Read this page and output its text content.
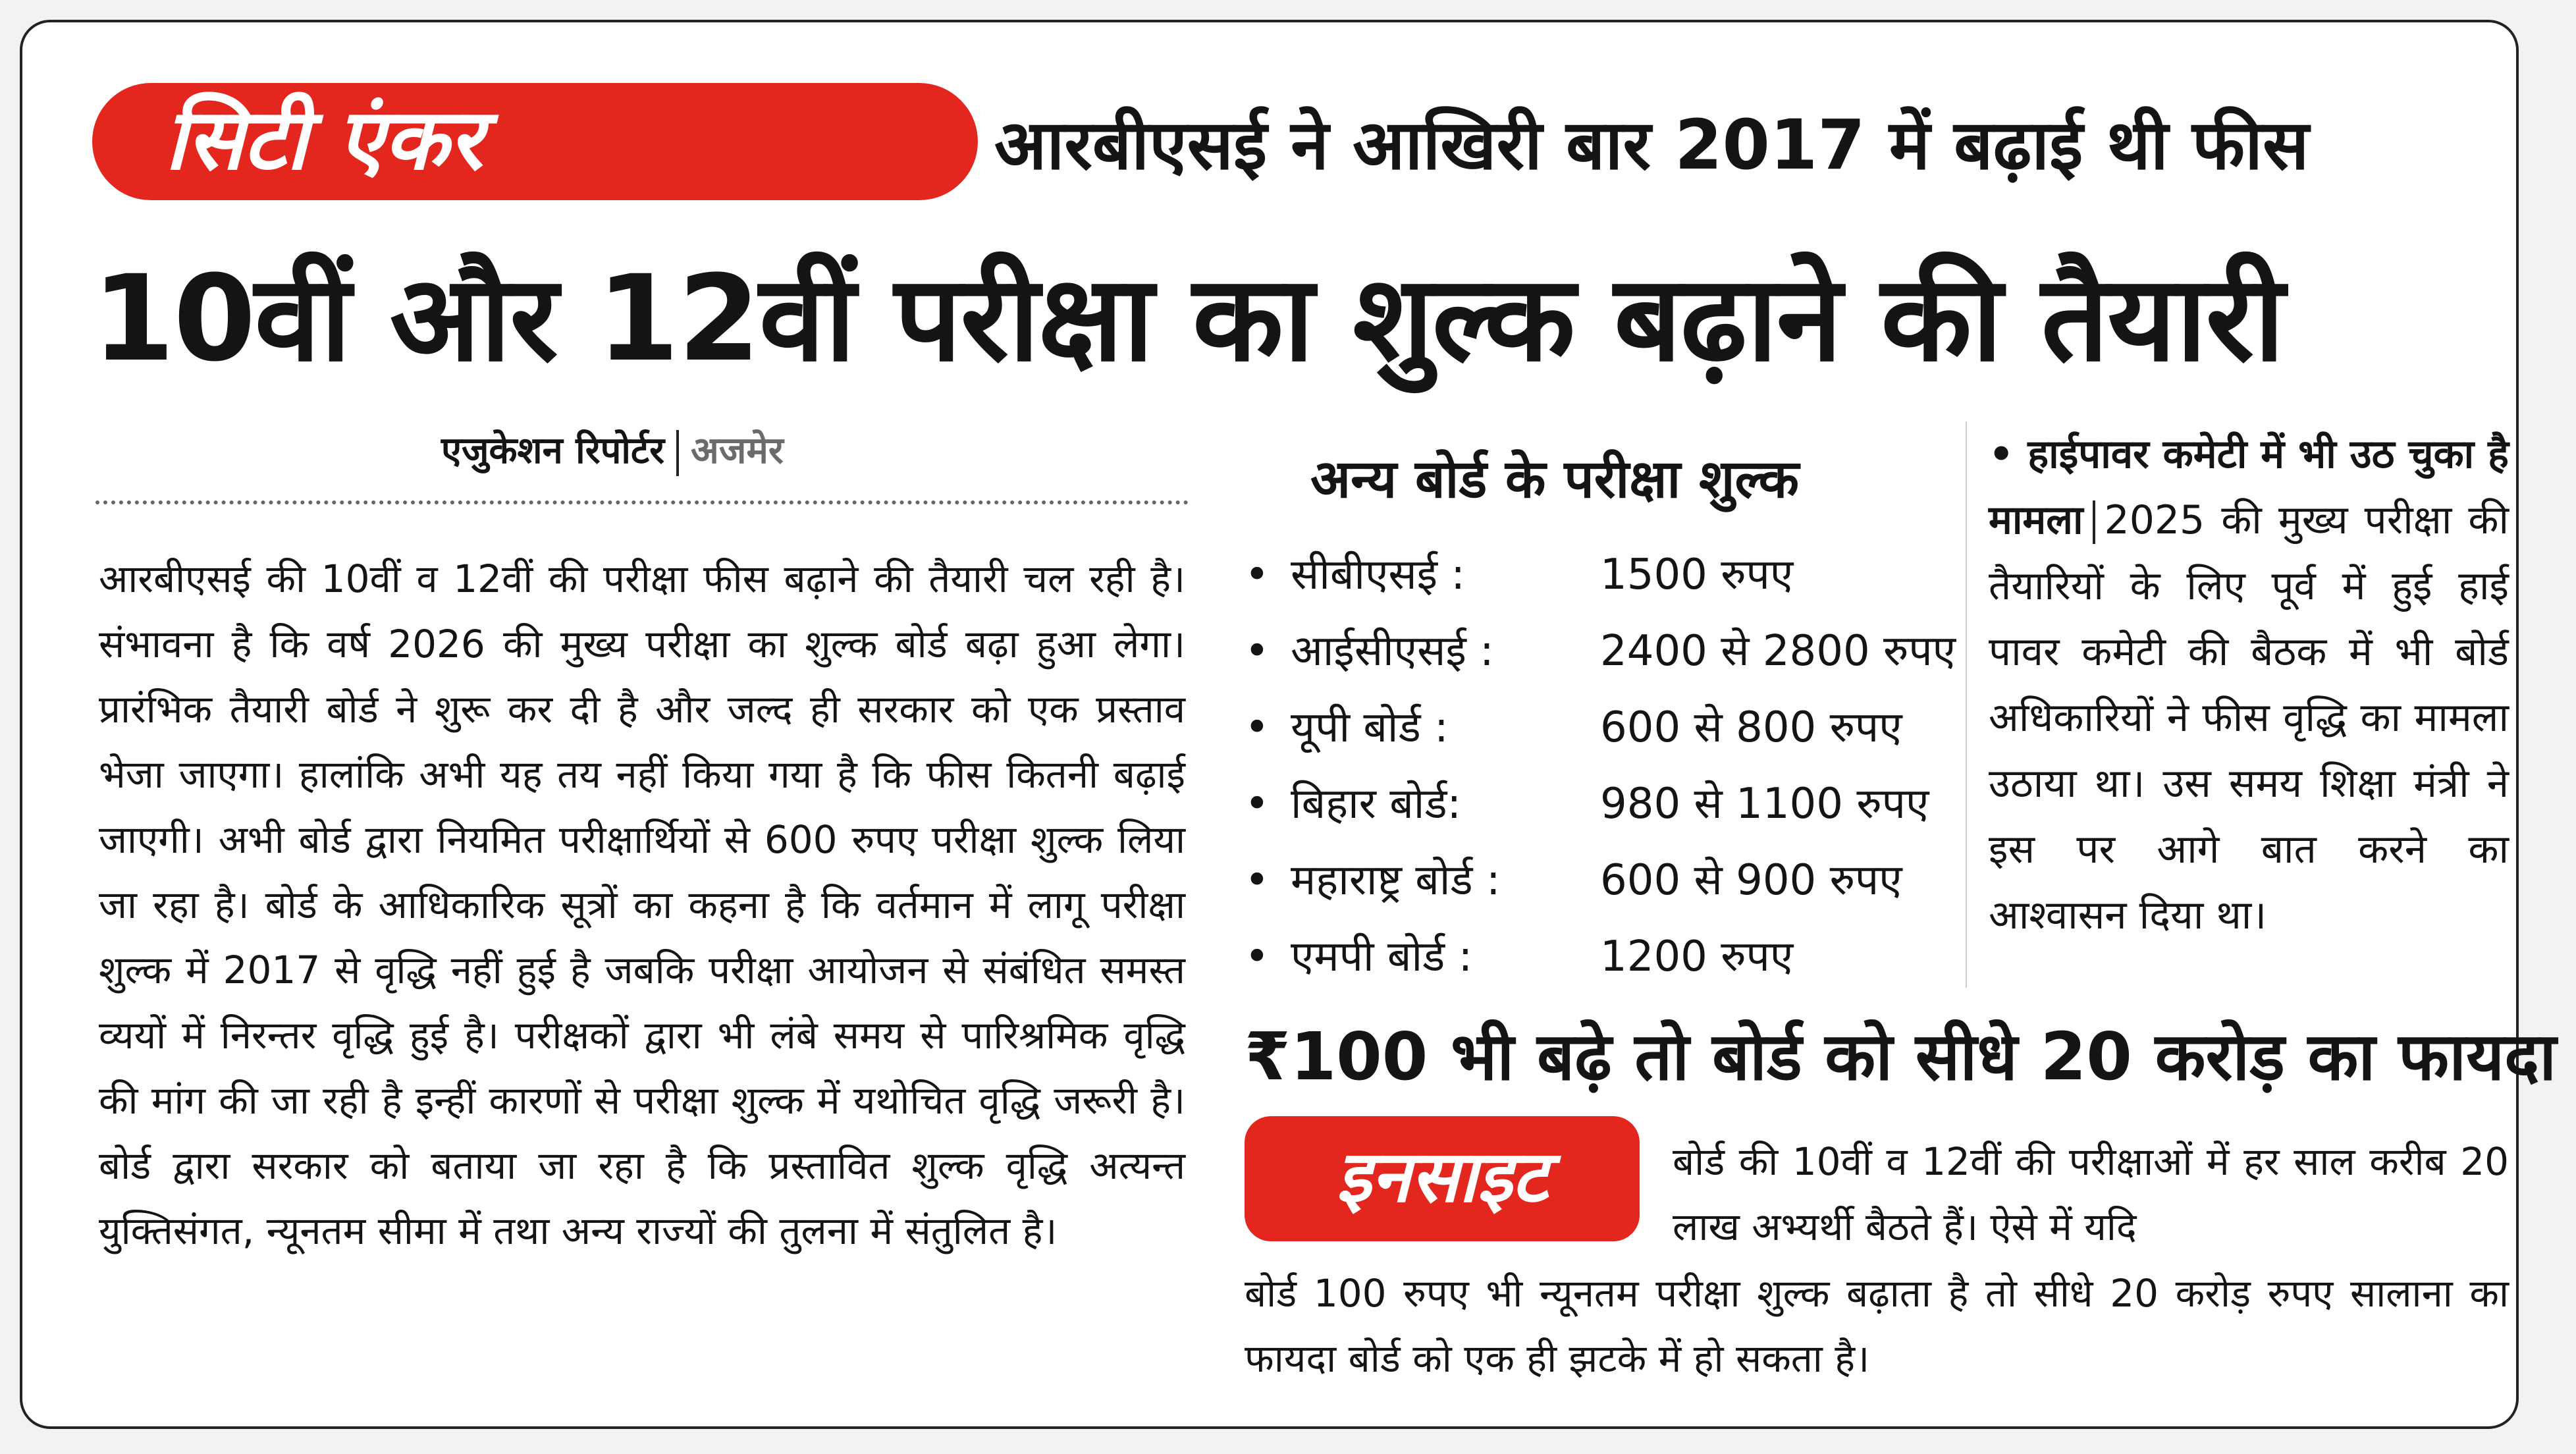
सिटी एंकर	आरबीएसई ने आखिरी बार 2017 में बढ़ाई थी फीस
10वीं और 12वीं परीक्षा का शुल्क बढ़ाने की तैयारी
एजुकेशन रिपोर्टर अजमेर
आरबीएसई की 10वीं व 12वीं की परीक्षा फीस बढ़ाने की तैयारी चल रही है। संभावना है कि वर्ष 2026 की मुख्य परीक्षा का शुल्क बोर्ड बढ़ा हुआ लेगा। प्रारंभिक तैयारी बोर्ड ने शुरू कर दी है और जल्द ही सरकार को एक प्रस्ताव भेजा जाएगा। हालांकि अभी यह तय नहीं किया गया है कि फीस कितनी बढ़ाई जाएगी। अभी बोर्ड द्वारा नियमित परीक्षार्थियों से 600 रुपए परीक्षा शुल्क लिया जा रहा है। बोर्ड के आधिकारिक सूत्रों का कहना है कि वर्तमान में लागू परीक्षा शुल्क में 2017 से वृद्धि नहीं हुई है जबकि परीक्षा आयोजन से संबंधित समस्त व्ययों में निरन्तर वृद्धि हुई है। परीक्षकों द्वारा भी लंबे समय से पारिश्रमिक वृद्धि की मांग की जा रही है इन्हीं कारणों से परीक्षा शुल्क में यथोचित वृद्धि जरूरी है। बोर्ड द्वारा सरकार को बताया जा रहा है कि प्रस्तावित शुल्क वृद्धि अत्यन्त युक्तिसंगत, न्यूनतम सीमा में तथा अन्य राज्यों की तुलना में संतुलित है।
अन्य बोर्ड के परीक्षा शुल्क
• सीबीएसई :	1500 रुपए
• आईसीएसई :	2400 से 2800 रुपए
• यूपी बोर्ड :	600 से 800 रुपए
• बिहार बोर्ड:	980 से 1100 रुपए
• महाराष्ट्र बोर्ड : 600 से 900 रुपए
• एमपी बोर्ड :	1200 रुपए
• हाईपावर कमेटी में भी उठ चुका है मामला 2025 की मुख्य परीक्षा की तैयारियों के लिए पूर्व में हुई हाई पावर कमेटी की बैठक में भी बोर्ड अधिकारियों ने फीस वृद्धि का मामला उठाया था। उस समय शिक्षा मंत्री ने इस पर आगे बात करने का आश्वासन दिया था।
₹100 भी बढ़े तो बोर्ड को सीधे 20 करोड़ का फायदा
इनसाइट	बोर्ड की 10वीं व 12वीं की परीक्षाओं में हर साल करीब 20 लाख अभ्यर्थी बैठते हैं। ऐसे में यदि
बोर्ड 100 रुपए भी न्यूनतम परीक्षा शुल्क बढ़ाता है तो सीधे 20 करोड़ रुपए सालाना का फायदा बोर्ड को एक ही झटके में हो सकता है।
